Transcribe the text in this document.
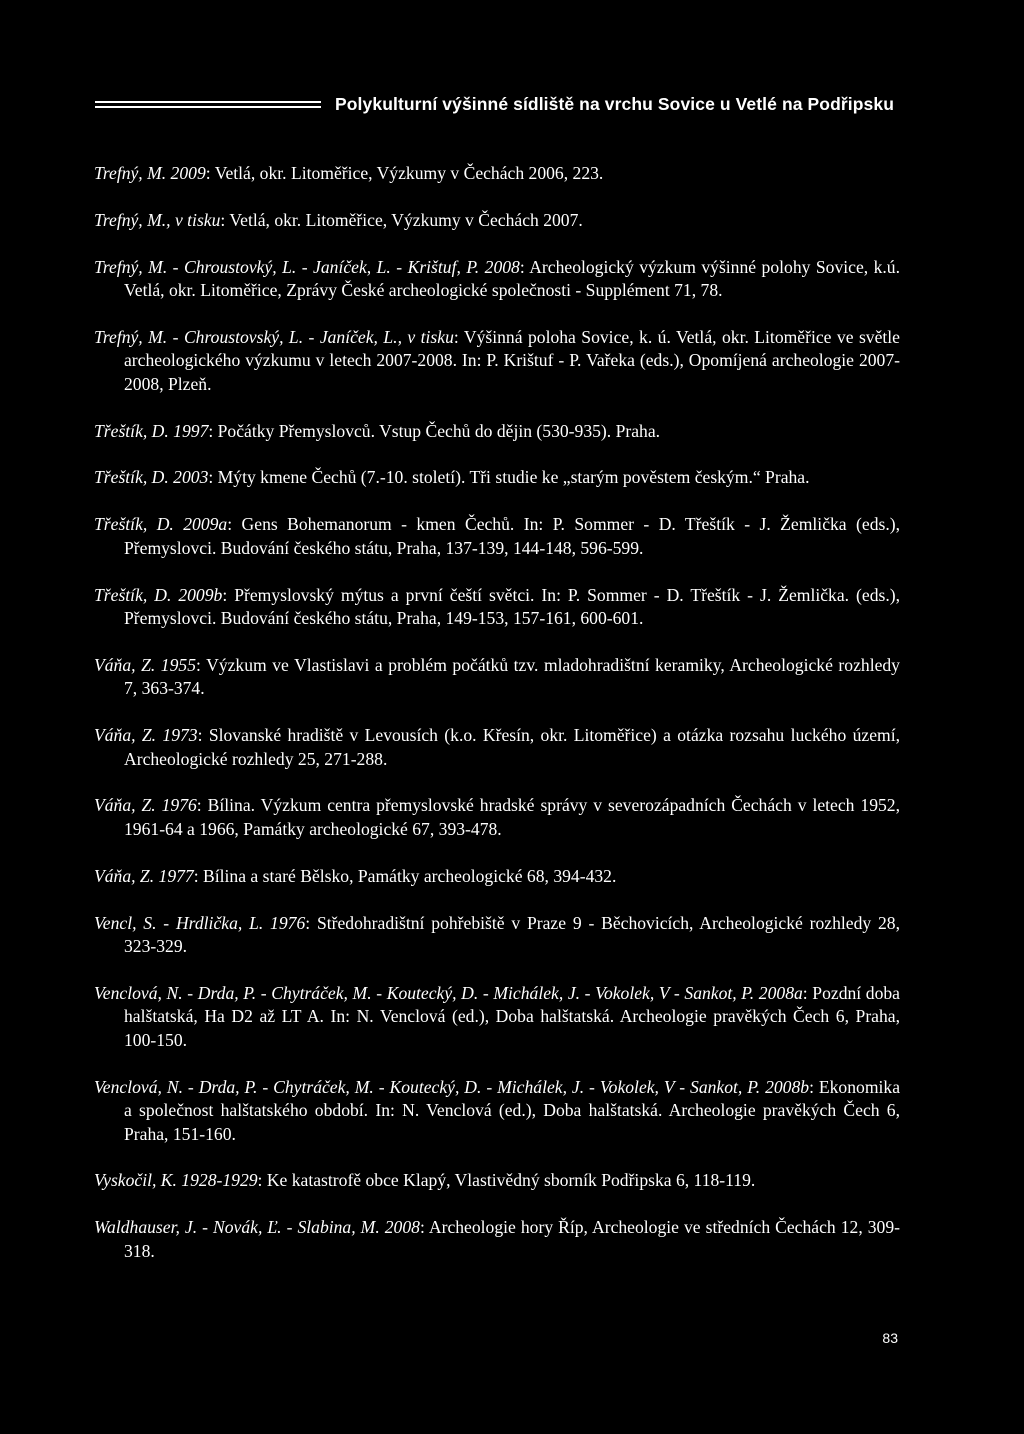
Polykulturní výšinné sídliště na vrchu Sovice u Vetlé na Podřipsku

Trefný, M. 2009: Vetlá, okr. Litoměřice, Výzkumy v Čechách 2006, 223.

Trefný, M., v tisku: Vetlá, okr. Litoměřice, Výzkumy v Čechách 2007.

Trefný, M. - Chroustovký, L. - Janíček, L. - Krištuf, P. 2008: Archeologický výzkum výšinné polohy Sovice, k.ú. Vetlá, okr. Litoměřice, Zprávy České archeologické společnosti - Supplément 71, 78.

Trefný, M. - Chroustovský, L. - Janíček, L., v tisku: Výšinná poloha Sovice, k. ú. Vetlá, okr. Litoměřice ve světle archeologického výzkumu v letech 2007-2008. In: P. Krištuf - P. Vařeka (eds.), Opomíjená archeologie 2007-2008, Plzeň.

Třeštík, D. 1997: Počátky Přemyslovců. Vstup Čechů do dějin (530-935). Praha.

Třeštík, D. 2003: Mýty kmene Čechů (7.-10. století). Tři studie ke „starým pověstem českým.“ Praha.

Třeštík, D. 2009a: Gens Bohemanorum - kmen Čechů. In: P. Sommer - D. Třeštík - J. Žemlička (eds.), Přemyslovci. Budování českého státu, Praha, 137-139, 144-148, 596-599.

Třeštík, D. 2009b: Přemyslovský mýtus a první čeští světci. In: P. Sommer - D. Třeštík - J. Žemlička. (eds.), Přemyslovci. Budování českého státu, Praha, 149-153, 157-161, 600-601.

Váňa, Z. 1955: Výzkum ve Vlastislavi a problém počátků tzv. mladohradištní keramiky, Archeologické rozhledy 7, 363-374.

Váňa, Z. 1973: Slovanské hradiště v Levousích (k.o. Křesín, okr. Litoměřice) a otázka rozsahu luckého území, Archeologické rozhledy 25, 271-288.

Váňa, Z. 1976: Bílina. Výzkum centra přemyslovské hradské správy v severozápadních Čechách v letech 1952, 1961-64 a 1966, Památky archeologické 67, 393-478.

Váňa, Z. 1977: Bílina a staré Bělsko, Památky archeologické 68, 394-432.

Vencl, S. - Hrdlička, L. 1976: Středohradištní pohřebiště v Praze 9 - Běchovicích, Archeologické rozhledy 28, 323-329.

Venclová, N. - Drda, P. - Chytráček, M. - Koutecký, D. - Michálek, J. - Vokolek, V - Sankot, P. 2008a: Pozdní doba halštatská, Ha D2 až LT A. In: N. Venclová (ed.), Doba halštatská. Archeologie pravěkých Čech 6, Praha, 100-150.

Venclová, N. - Drda, P. - Chytráček, M. - Koutecký, D. - Michálek, J. - Vokolek, V - Sankot, P. 2008b: Ekonomika a společnost halštatského období. In: N. Venclová (ed.), Doba halštatská. Archeologie pravěkých Čech 6, Praha, 151-160.

Vyskočil, K. 1928-1929: Ke katastrofě obce Klapý, Vlastivědný sborník Podřipska 6, 118-119.

Waldhauser, J. - Novák, Ľ. - Slabina, M. 2008: Archeologie hory Říp, Archeologie ve středních Čechách 12, 309-318.

83
